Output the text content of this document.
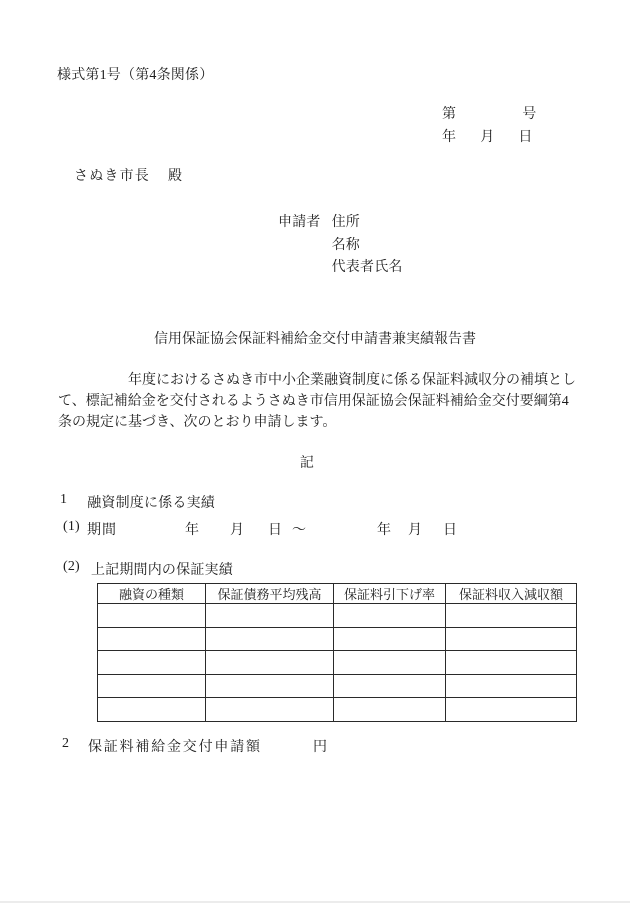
様式第1号（第4条関係）
第	号
年 月 日
さぬき市長 殿
申請者 住所
名称
代表者氏名
信用保証協会保証料補給金交付申請書兼実績報告書
年度におけるさぬき市中小企業融資制度に係る保証料減収分の補填とし
て、標記補給金を交付されるようさぬき市信用保証協会保証料補給金交付要綱第4
条の規定に基づき、次のとおり申請します。
記
1 融資制度に係る実績
(1) 期間	年 月 日 ～	年 月 日
(2) 上記期間内の保証実績
融資の種類	保証債務平均残高	保証料引下げ率	保証料収入減収額

2 保証料補給金交付申請額	円
